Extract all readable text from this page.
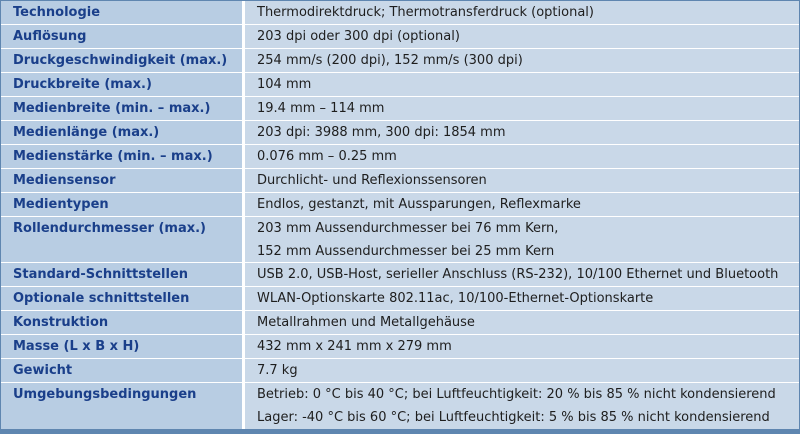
Technologie	Thermodirektdruck; Thermotransferdruck (optional)
Auflösung	203 dpi oder 300 dpi (optional)
Druckgeschwindigkeit (max.)	254 mm/s (200 dpi), 152 mm/s (300 dpi)
Druckbreite (max.)	104 mm
Medienbreite (min. – max.)	19.4 mm – 114 mm
Medienlänge (max.)	203 dpi: 3988 mm, 300 dpi: 1854 mm
Medienstärke (min. – max.)	0.076 mm – 0.25 mm
Mediensensor	Durchlicht- und Reflexionssensoren
Medientypen	Endlos, gestanzt, mit Aussparungen, Reflexmarke
Rollendurchmesser (max.)	203 mm Aussendurchmesser bei 76 mm Kern,
152 mm Aussendurchmesser bei 25 mm Kern
Standard-Schnittstellen	USB 2.0, USB-Host, serieller Anschluss (RS-232), 10/100 Ethernet und Bluetooth
Optionale schnittstellen	WLAN-Optionskarte 802.11ac, 10/100-Ethernet-Optionskarte
Konstruktion	Metallrahmen und Metallgehäuse
Masse (L x B x H)	432 mm x 241 mm x 279 mm
Gewicht	7.7 kg
Umgebungsbedingungen	Betrieb: 0 °C bis 40 °C; bei Luftfeuchtigkeit: 20 % bis 85 % nicht kondensierend
Lager: -40 °C bis 60 °C; bei Luftfeuchtigkeit: 5 % bis 85 % nicht kondensierend
